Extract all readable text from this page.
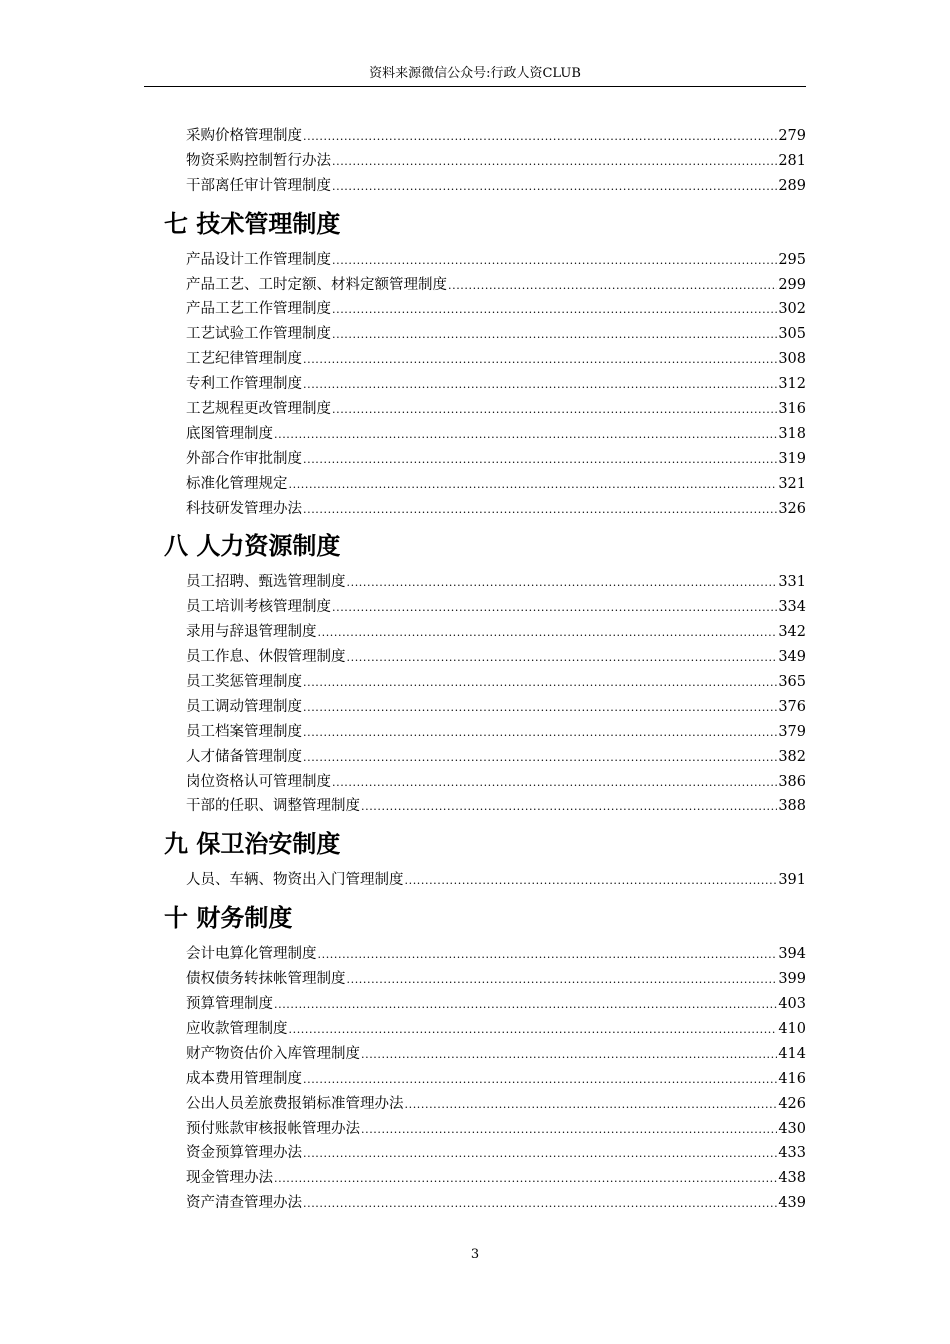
资料来源微信公众号:行政人资CLUB
采购价格管理制度 .....	279
物资采购控制暂行办法 .....	281
干部离任审计管理制度 .....	289
七 技术管理制度
产品设计工作管理制度 .....	295
产品工艺、工时定额、材料定额管理制度 .....	299
产品工艺工作管理制度 .....	302
工艺试验工作管理制度 .....	305
工艺纪律管理制度 .....	308
专利工作管理制度 .....	312
工艺规程更改管理制度 .....	316
底图管理制度 .....	318
外部合作审批制度 .....	319
标准化管理规定 .....	321
科技研发管理办法 .....	326
八 人力资源制度
员工招聘、甄选管理制度 .....	331
员工培训考核管理制度 .....	334
录用与辞退管理制度 .....	342
员工作息、休假管理制度 .....	349
员工奖惩管理制度 .....	365
员工调动管理制度 .....	376
员工档案管理制度 .....	379
人才储备管理制度 .....	382
岗位资格认可管理制度 .....	386
干部的任职、调整管理制度 .....	388
九 保卫治安制度
人员、车辆、物资出入门管理制度 .....	391
十 财务制度
会计电算化管理制度 .....	394
债权债务转抹帐管理制度 .....	399
预算管理制度 .....	403
应收款管理制度 .....	410
财产物资估价入库管理制度 .....	414
成本费用管理制度 .....	416
公出人员差旅费报销标准管理办法 .....	426
预付账款审核报帐管理办法 .....	430
资金预算管理办法 .....	433
现金管理办法 .....	438
资产清查管理办法 .....	439
3
